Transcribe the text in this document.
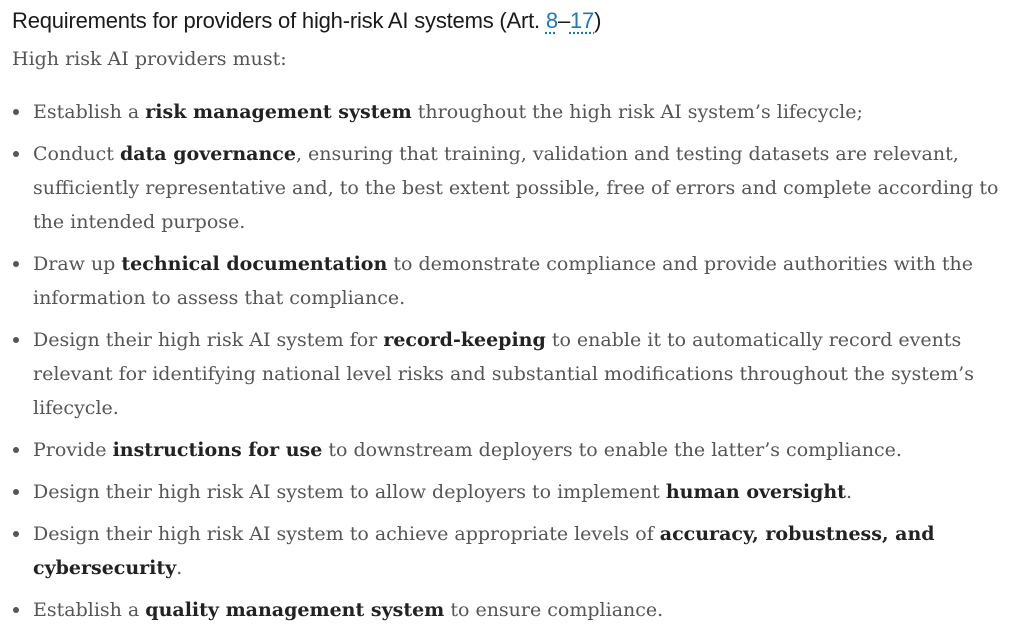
Requirements for providers of high-risk AI systems (Art. 8–17)

High risk AI providers must:

Establish a risk management system throughout the high risk AI system’s lifecycle;
Conduct data governance, ensuring that training, validation and testing datasets are relevant, sufficiently representative and, to the best extent possible, free of errors and complete according to the intended purpose.
Draw up technical documentation to demonstrate compliance and provide authorities with the information to assess that compliance.
Design their high risk AI system for record-keeping to enable it to automatically record events relevant for identifying national level risks and substantial modifications throughout the system’s lifecycle.
Provide instructions for use to downstream deployers to enable the latter’s compliance.
Design their high risk AI system to allow deployers to implement human oversight.
Design their high risk AI system to achieve appropriate levels of accuracy, robustness, and cybersecurity.
Establish a quality management system to ensure compliance.
